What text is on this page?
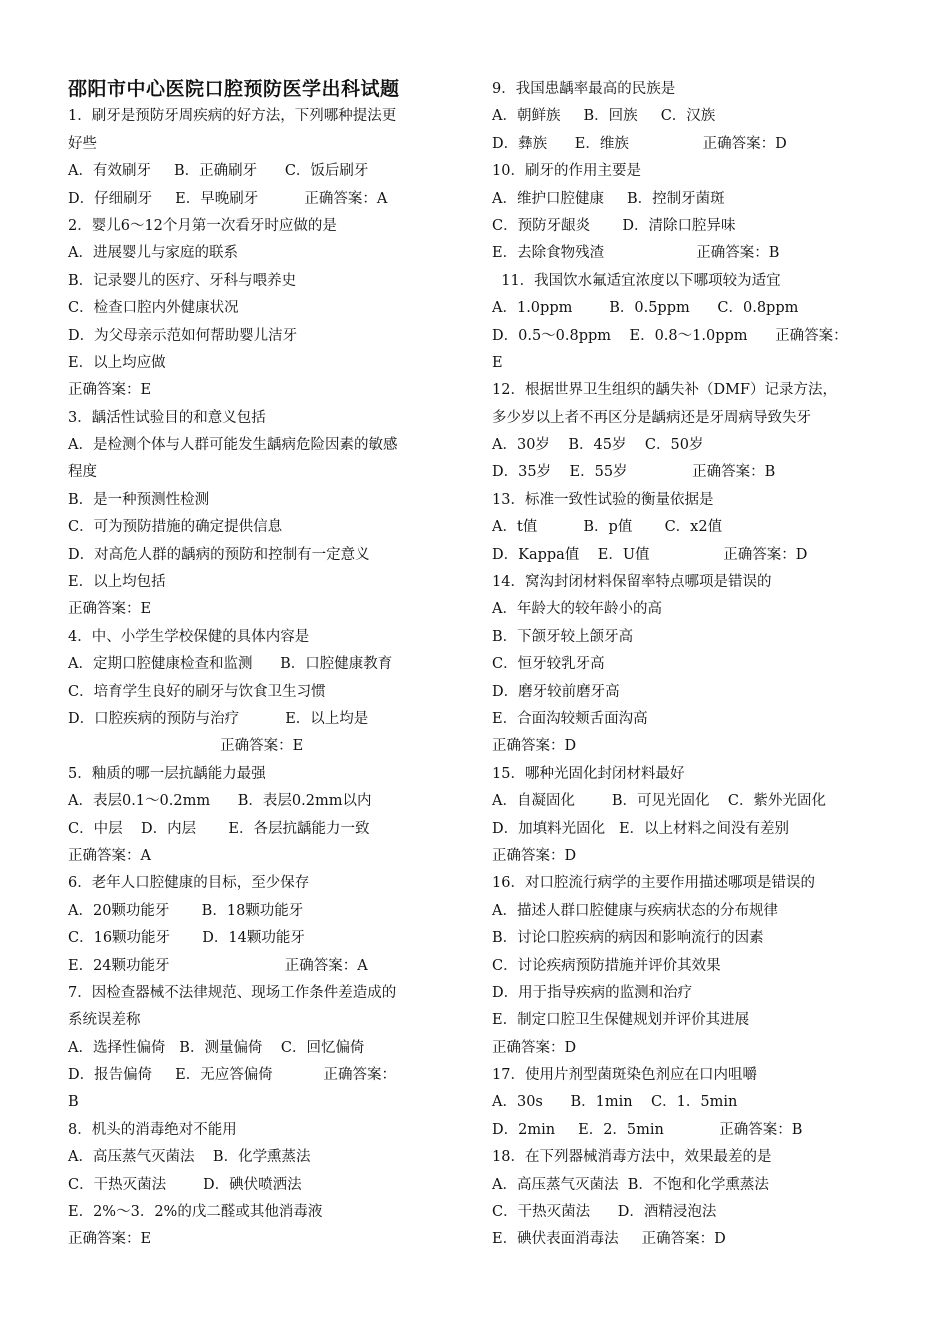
邵阳市中心医院口腔预防医学出科试题
1．刷牙是预防牙周疾病的好方法，下列哪种提法更
好些
A．有效刷牙     B．正确刷牙      C．饭后刷牙
D．仔细刷牙     E．早晚刷牙          正确答案：A
2．婴儿6～12个月第一次看牙时应做的是
A．进展婴儿与家庭的联系
B．记录婴儿的医疗、牙科与喂养史
C．检查口腔内外健康状况
D．为父母亲示范如何帮助婴儿洁牙
E．以上均应做
正确答案：E
3．龋活性试验目的和意义包括
A．是检测个体与人群可能发生龋病危险因素的敏感
程度
B．是一种预测性检测
C．可为预防措施的确定提供信息
D．对高危人群的龋病的预防和控制有一定意义
E．以上均包括
正确答案：E
4．中、小学生学校保健的具体内容是
A．定期口腔健康检查和监测      B．口腔健康教育
C．培育学生良好的刷牙与饮食卫生习惯
D．口腔疾病的预防与治疗          E．以上均是
正确答案：E
5．釉质的哪一层抗龋能力最强
A．表层0.1～0.2mm      B．表层0.2mm以内
C．中层    D．内层       E．各层抗龋能力一致
正确答案：A
6．老年人口腔健康的目标，至少保存
A．20颗功能牙       B．18颗功能牙
C．16颗功能牙       D．14颗功能牙
E．24颗功能牙                         正确答案：A
7．因检查器械不法律规范、现场工作条件差造成的
系统误差称
A．选择性偏倚   B．测量偏倚    C．回忆偏倚
D．报告偏倚     E．无应答偏倚           正确答案：
B
8．机头的消毒绝对不能用
A．高压蒸气灭菌法    B．化学熏蒸法
C．干热灭菌法        D．碘伏喷洒法
E．2%～3．2%的戊二醛或其他消毒液
正确答案：E
9．我国患龋率最高的民族是
A．朝鲜族     B．回族     C．汉族
D．彝族      E．维族                正确答案：D
10．刷牙的作用主要是
A．维护口腔健康     B．控制牙菌斑
C．预防牙龈炎       D．清除口腔异味
E．去除食物残渣                    正确答案：B
11．我国饮水氟适宜浓度以下哪项较为适宜
A．1.0ppm        B．0.5ppm      C．0.8ppm
D．0.5～0.8ppm    E．0.8～1.0ppm      正确答案：
E
12．根据世界卫生组织的龋失补（DMF）记录方法，
多少岁以上者不再区分是龋病还是牙周病导致失牙
A．30岁    B．45岁    C．50岁
D．35岁    E．55岁              正确答案：B
13．标准一致性试验的衡量依据是
A．t值          B．p值       C．x2值
D．Kappa值    E．U值                正确答案：D
14．窝沟封闭材料保留率特点哪项是错误的
A．年龄大的较年龄小的高
B．下颌牙较上颌牙高
C．恒牙较乳牙高
D．磨牙较前磨牙高
E．合面沟较颊舌面沟高
正确答案：D
15．哪种光固化封闭材料最好
A．自凝固化        B．可见光固化    C．紫外光固化
D．加填料光固化   E．以上材料之间没有差别
正确答案：D
16．对口腔流行病学的主要作用描述哪项是错误的
A．描述人群口腔健康与疾病状态的分布规律
B．讨论口腔疾病的病因和影响流行的因素
C．讨论疾病预防措施并评价其效果
D．用于指导疾病的监测和治疗
E．制定口腔卫生保健规划并评价其进展
正确答案：D
17．使用片剂型菌斑染色剂应在口内咀嚼
A．30s      B．1min    C．1．5min
D．2min     E．2．5min            正确答案：B
18．在下列器械消毒方法中，效果最差的是
A．高压蒸气灭菌法  B．不饱和化学熏蒸法
C．干热灭菌法      D．酒精浸泡法
E．碘伏表面消毒法     正确答案：D
